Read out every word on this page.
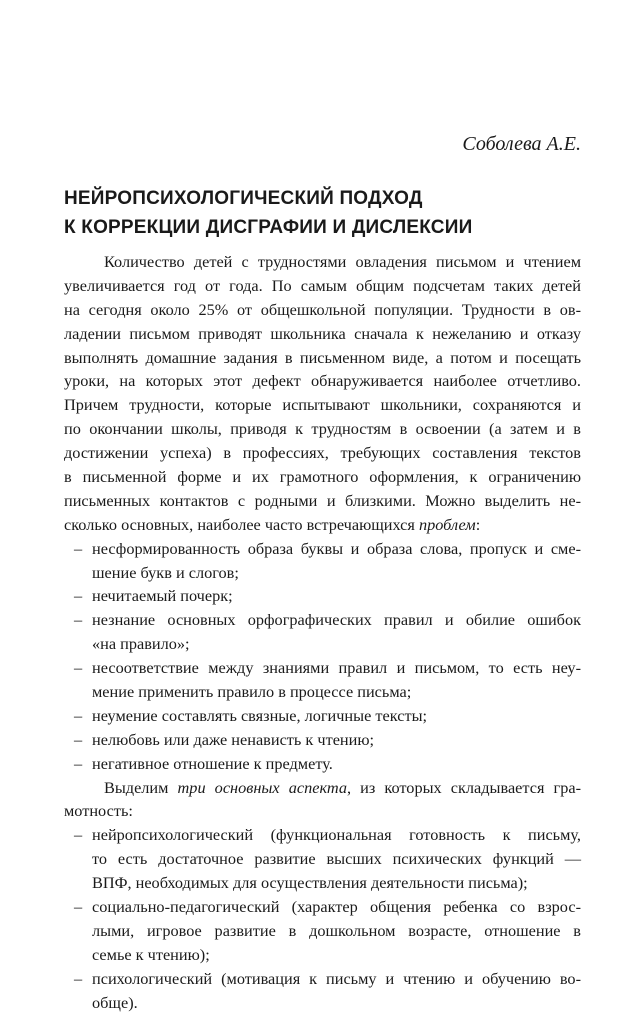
Соболева А.Е.

НЕЙРОПСИХОЛОГИЧЕСКИЙ ПОДХОД
К КОРРЕКЦИИ ДИСГРАФИИ И ДИСЛЕКСИИ
Количество детей с трудностями овладения письмом и чтением
увеличивается год от года. По самым общим подсчетам таких детей
на сегодня около 25% от общешкольной популяции. Трудности в ов-
ладении письмом приводят школьника сначала к нежеланию и отказу
выполнять домашние задания в письменном виде, а потом и посещать
уроки, на которых этот дефект обнаруживается наиболее отчетливо.
Причем трудности, которые испытывают школьники, сохраняются и
по окончании школы, приводя к трудностям в освоении (а затем и в
достижении успеха) в профессиях, требующих составления текстов
в письменной форме и их грамотного оформления, к ограничению
письменных контактов с родными и близкими. Можно выделить не-
сколько основных, наиболее часто встречающихся проблем:
– несформированность образа буквы и образа слова, пропуск и сме-
шение букв и слогов;
– нечитаемый почерк;
– незнание основных орфографических правил и обилие ошибок
«на правило»;
– несоответствие между знаниями правил и письмом, то есть неу-
мение применить правило в процессе письма;
– неумение составлять связные, логичные тексты;
– нелюбовь или даже ненависть к чтению;
– негативное отношение к предмету.
Выделим три основных аспекта, из которых складывается гра-
мотность:
– нейропсихологический (функциональная готовность к письму,
то есть достаточное развитие высших психических функций —
ВПФ, необходимых для осуществления деятельности письма);
– социально-педагогический (характер общения ребенка со взрос-
лыми, игровое развитие в дошкольном возрасте, отношение в
семье к чтению);
– психологический (мотивация к письму и чтению и обучению во-
обще).
